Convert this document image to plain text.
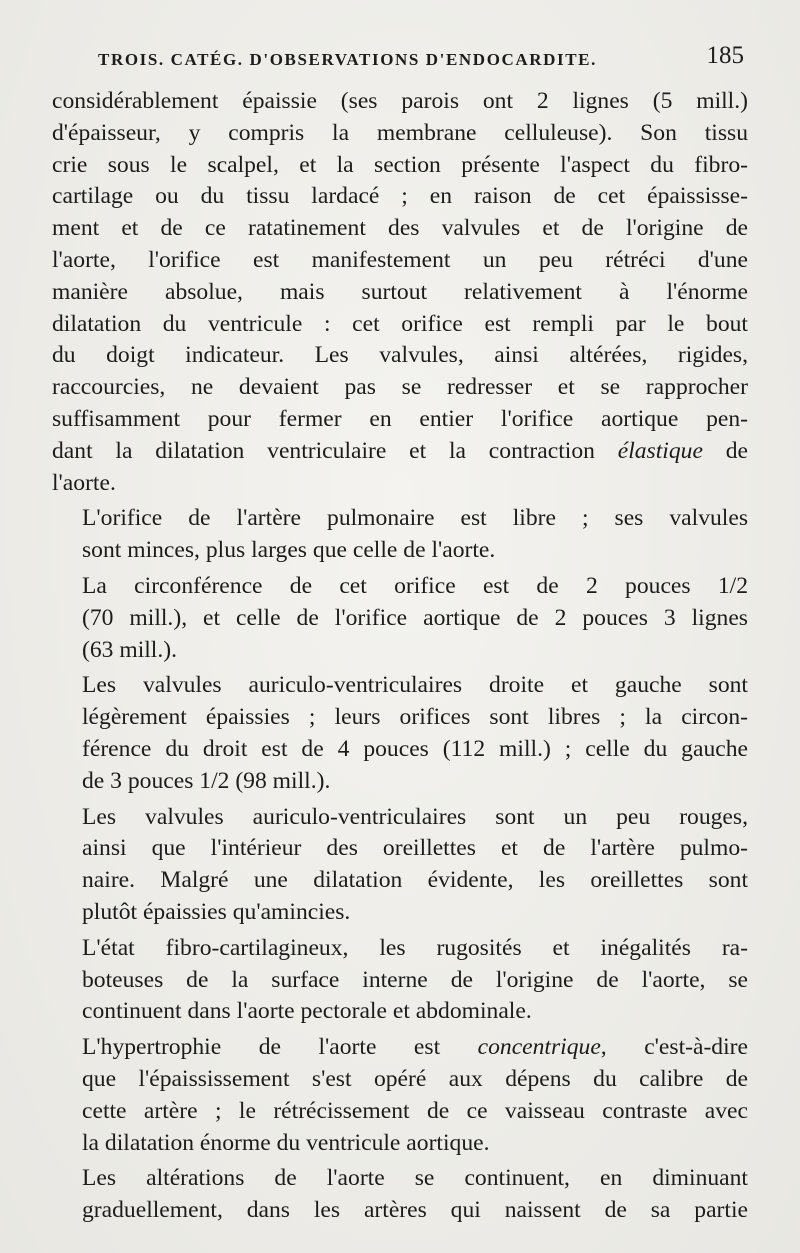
TROIS. CATÉG. D'OBSERVATIONS D'ENDOCARDITE.	185

considérablement épaissie (ses parois ont 2 lignes (5 mill.)
d'épaisseur, y compris la membrane celluleuse). Son tissu
crie sous le scalpel, et la section présente l'aspect du fibro-
cartilage ou du tissu lardacé ; en raison de cet épaississe-
ment et de ce ratatinement des valvules et de l'origine de
l'aorte, l'orifice est manifestement un peu rétréci d'une
manière absolue, mais surtout relativement à l'énorme
dilatation du ventricule : cet orifice est rempli par le bout
du doigt indicateur. Les valvules, ainsi altérées, rigides,
raccourcies, ne devaient pas se redresser et se rapprocher
suffisamment pour fermer en entier l'orifice aortique pen-
dant la dilatation ventriculaire et la contraction élastique de
l'aorte.

L'orifice de l'artère pulmonaire est libre ; ses valvules
sont minces, plus larges que celle de l'aorte.

La circonférence de cet orifice est de 2 pouces 1/2
(70 mill.), et celle de l'orifice aortique de 2 pouces 3 lignes
(63 mill.).

Les valvules auriculo-ventriculaires droite et gauche sont
légèrement épaissies ; leurs orifices sont libres ; la circon-
férence du droit est de 4 pouces (112 mill.) ; celle du gauche
de 3 pouces 1/2 (98 mill.).

Les valvules auriculo-ventriculaires sont un peu rouges,
ainsi que l'intérieur des oreillettes et de l'artère pulmo-
naire. Malgré une dilatation évidente, les oreillettes sont
plutôt épaissies qu'amincies.

L'état fibro-cartilagineux, les rugosités et inégalités ra-
boteuses de la surface interne de l'origine de l'aorte, se
continuent dans l'aorte pectorale et abdominale.

L'hypertrophie de l'aorte est concentrique, c'est-à-dire
que l'épaississement s'est opéré aux dépens du calibre de
cette artère ; le rétrécissement de ce vaisseau contraste avec
la dilatation énorme du ventricule aortique.

Les altérations de l'aorte se continuent, en diminuant
graduellement, dans les artères qui naissent de sa partie
